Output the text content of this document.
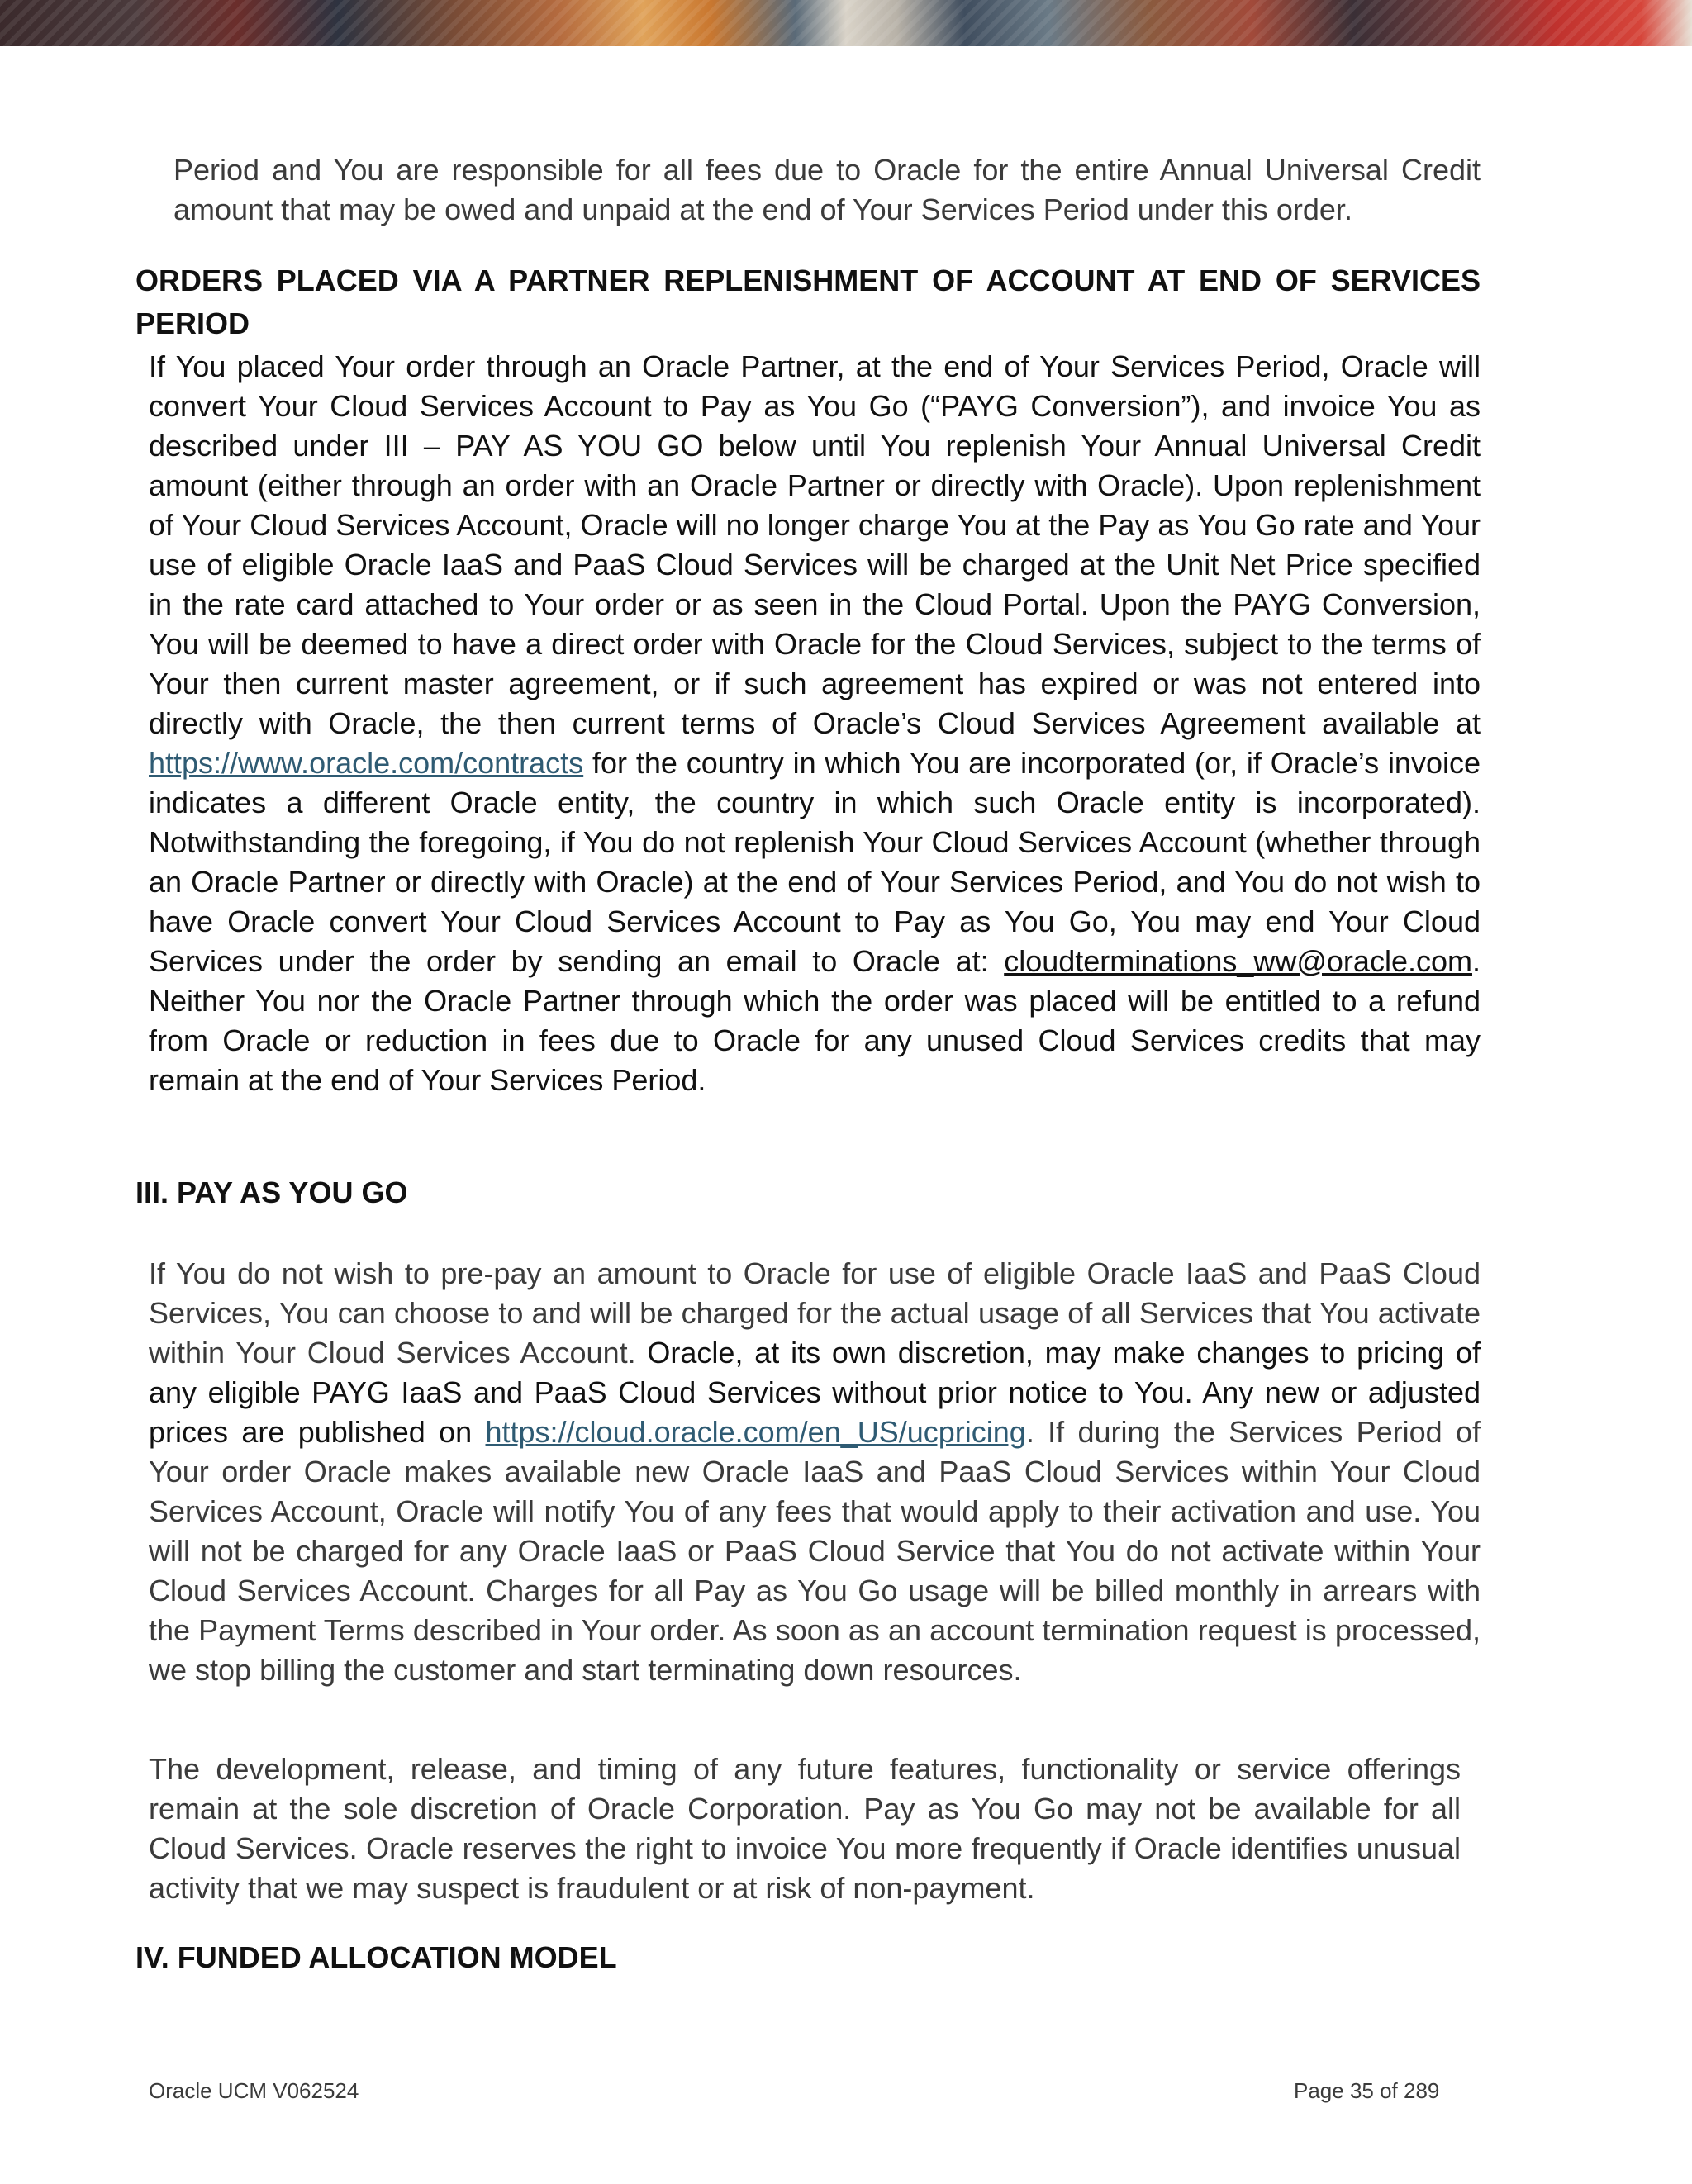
Period and You are responsible for all fees due to Oracle for the entire Annual Universal Credit amount that may be owed and unpaid at the end of Your Services Period under this order.

ORDERS PLACED VIA A PARTNER REPLENISHMENT OF ACCOUNT AT END OF SERVICES PERIOD

If You placed Your order through an Oracle Partner, at the end of Your Services Period, Oracle will convert Your Cloud Services Account to Pay as You Go (“PAYG Conversion”), and invoice You as described under III – PAY AS YOU GO below until You replenish Your Annual Universal Credit amount (either through an order with an Oracle Partner or directly with Oracle). Upon replenishment of Your Cloud Services Account, Oracle will no longer charge You at the Pay as You Go rate and Your use of eligible Oracle IaaS and PaaS Cloud Services will be charged at the Unit Net Price specified in the rate card attached to Your order or as seen in the Cloud Portal. Upon the PAYG Conversion, You will be deemed to have a direct order with Oracle for the Cloud Services, subject to the terms of Your then current master agreement, or if such agreement has expired or was not entered into directly with Oracle, the then current terms of Oracle’s Cloud Services Agreement available at https://www.oracle.com/contracts for the country in which You are incorporated (or, if Oracle’s invoice indicates a different Oracle entity, the country in which such Oracle entity is incorporated). Notwithstanding the foregoing, if You do not replenish Your Cloud Services Account (whether through an Oracle Partner or directly with Oracle) at the end of Your Services Period, and You do not wish to have Oracle convert Your Cloud Services Account to Pay as You Go, You may end Your Cloud Services under the order by sending an email to Oracle at: cloudterminations_ww@oracle.com. Neither You nor the Oracle Partner through which the order was placed will be entitled to a refund from Oracle or reduction in fees due to Oracle for any unused Cloud Services credits that may remain at the end of Your Services Period.

III. PAY AS YOU GO

If You do not wish to pre-pay an amount to Oracle for use of eligible Oracle IaaS and PaaS Cloud Services, You can choose to and will be charged for the actual usage of all Services that You activate within Your Cloud Services Account. Oracle, at its own discretion, may make changes to pricing of any eligible PAYG IaaS and PaaS Cloud Services without prior notice to You. Any new or adjusted prices are published on https://cloud.oracle.com/en_US/ucpricing. If during the Services Period of Your order Oracle makes available new Oracle IaaS and PaaS Cloud Services within Your Cloud Services Account, Oracle will notify You of any fees that would apply to their activation and use. You will not be charged for any Oracle IaaS or PaaS Cloud Service that You do not activate within Your Cloud Services Account. Charges for all Pay as You Go usage will be billed monthly in arrears with the Payment Terms described in Your order. As soon as an account termination request is processed, we stop billing the customer and start terminating down resources.

The development, release, and timing of any future features, functionality or service offerings remain at the sole discretion of Oracle Corporation. Pay as You Go may not be available for all Cloud Services. Oracle reserves the right to invoice You more frequently if Oracle identifies unusual activity that we may suspect is fraudulent or at risk of non-payment.

IV. FUNDED ALLOCATION MODEL
Oracle UCM V062524	Page 35 of 289
